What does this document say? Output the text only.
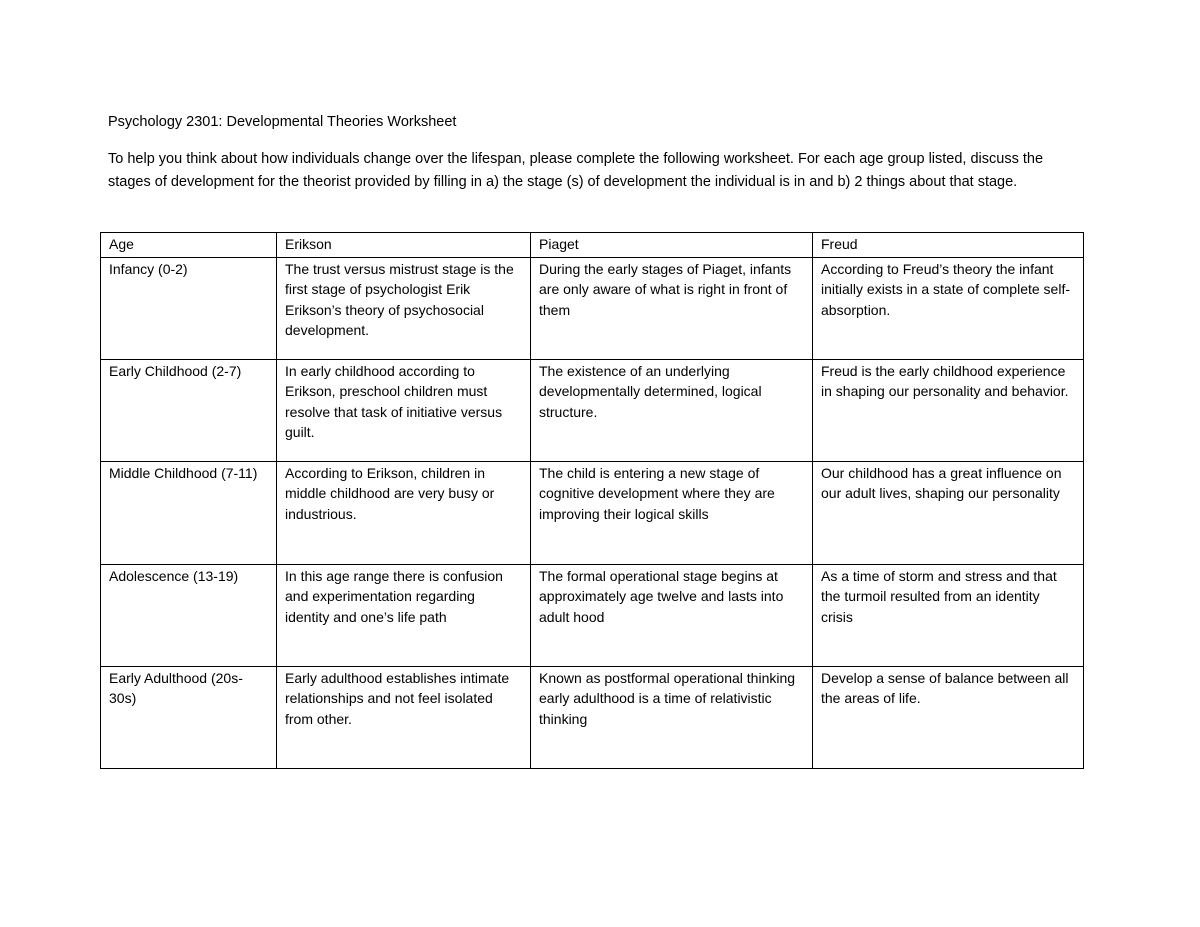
Psychology 2301: Developmental Theories Worksheet
To help you think about how individuals change over the lifespan, please complete the following worksheet. For each age group listed, discuss the stages of development for the theorist provided by filling in a) the stage (s) of development the individual is in and b) 2 things about that stage.
Age	Erikson	Piaget	Freud
Infancy (0-2)	The trust versus mistrust stage is the first stage of psychologist Erik Erikson’s theory of psychosocial development.	During the early stages of Piaget, infants are only aware of what is right in front of them	According to Freud’s theory the infant initially exists in a state of complete self-absorption.
Early Childhood (2-7)	In early childhood according to Erikson, preschool children must resolve that task of initiative versus guilt.	The existence of an underlying developmentally determined, logical structure.	Freud is the early childhood experience in shaping our personality and behavior.
Middle Childhood (7-11)	According to Erikson, children in middle childhood are very busy or industrious.	The child is entering a new stage of cognitive development where they are improving their logical skills	Our childhood has a great influence on our adult lives, shaping our personality
Adolescence (13-19)	In this age range there is confusion and experimentation regarding identity and one’s life path	The formal operational stage begins at approximately age twelve and lasts into adult hood	As a time of storm and stress and that the turmoil resulted from an identity crisis
Early Adulthood (20s-30s)	Early adulthood establishes intimate relationships and not feel isolated from other.	Known as postformal operational thinking early adulthood is a time of relativistic thinking	Develop a sense of balance between all the areas of life.
